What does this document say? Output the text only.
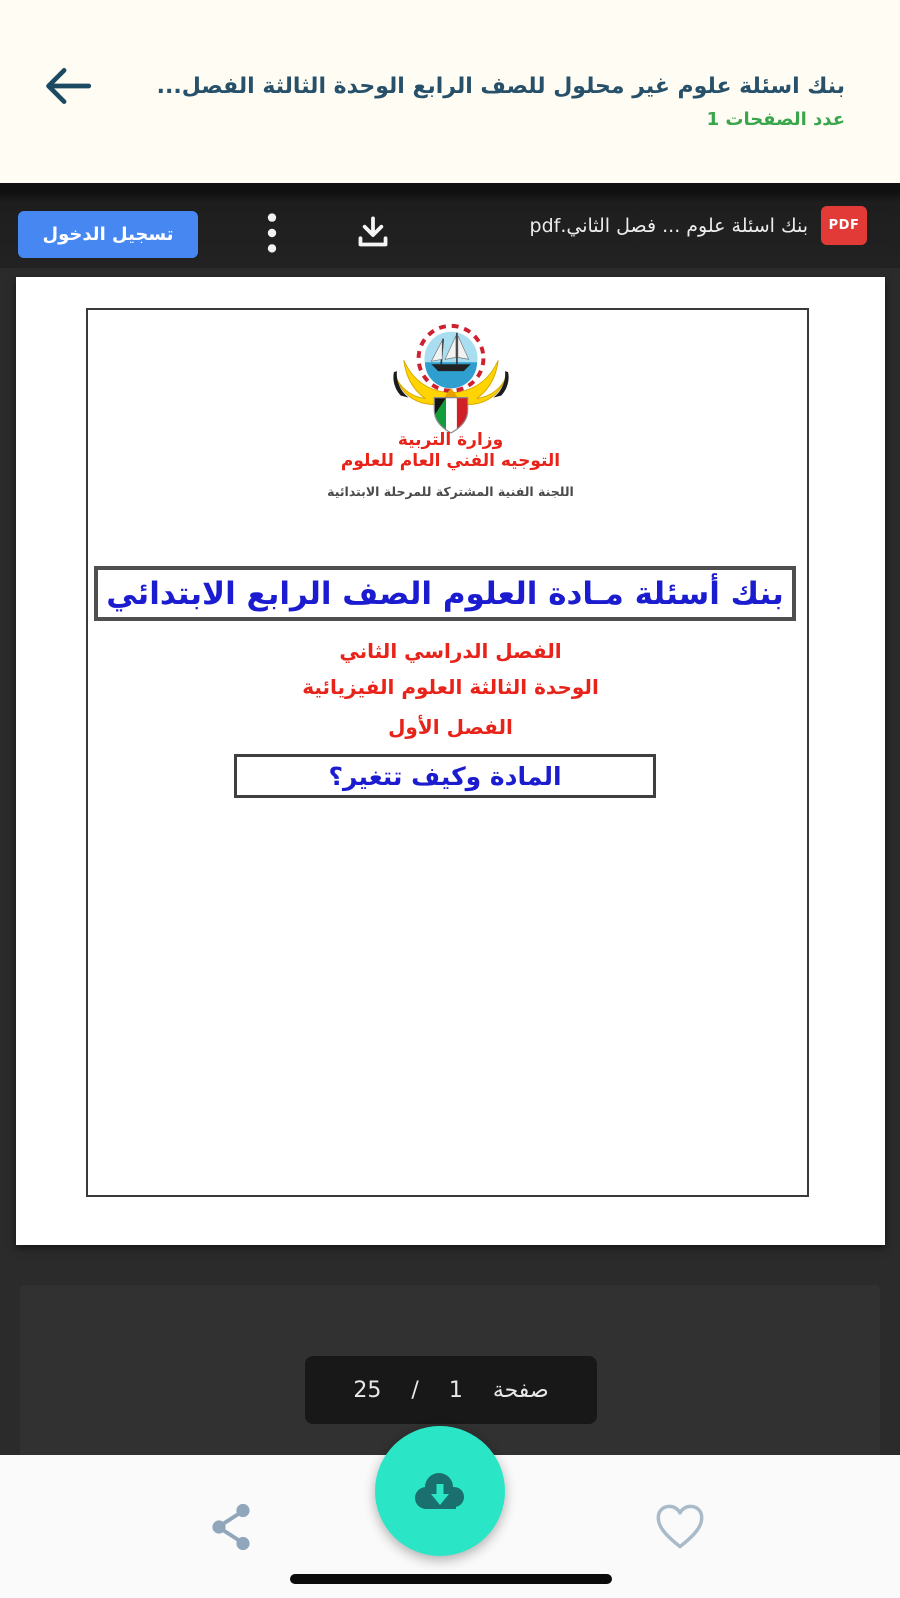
بنك اسئلة علوم غير محلول للصف الرابع الوحدة الثالثة الفصل...
عدد الصفحات 1
تسجيل الدخول	بنك اسئلة علوم ... فصل الثاني.pdf	PDF
وزارة التربية
التوجيه الفني العام للعلوم
اللجنة الفنية المشتركة للمرحلة الابتدائية
بنك أسئلة مـادة العلوم الصف الرابع الابتدائي
الفصل الدراسي الثاني
الوحدة الثالثة العلوم الفيزيائية
الفصل الأول
المادة وكيف تتغير؟
صفحة
1
/
25
